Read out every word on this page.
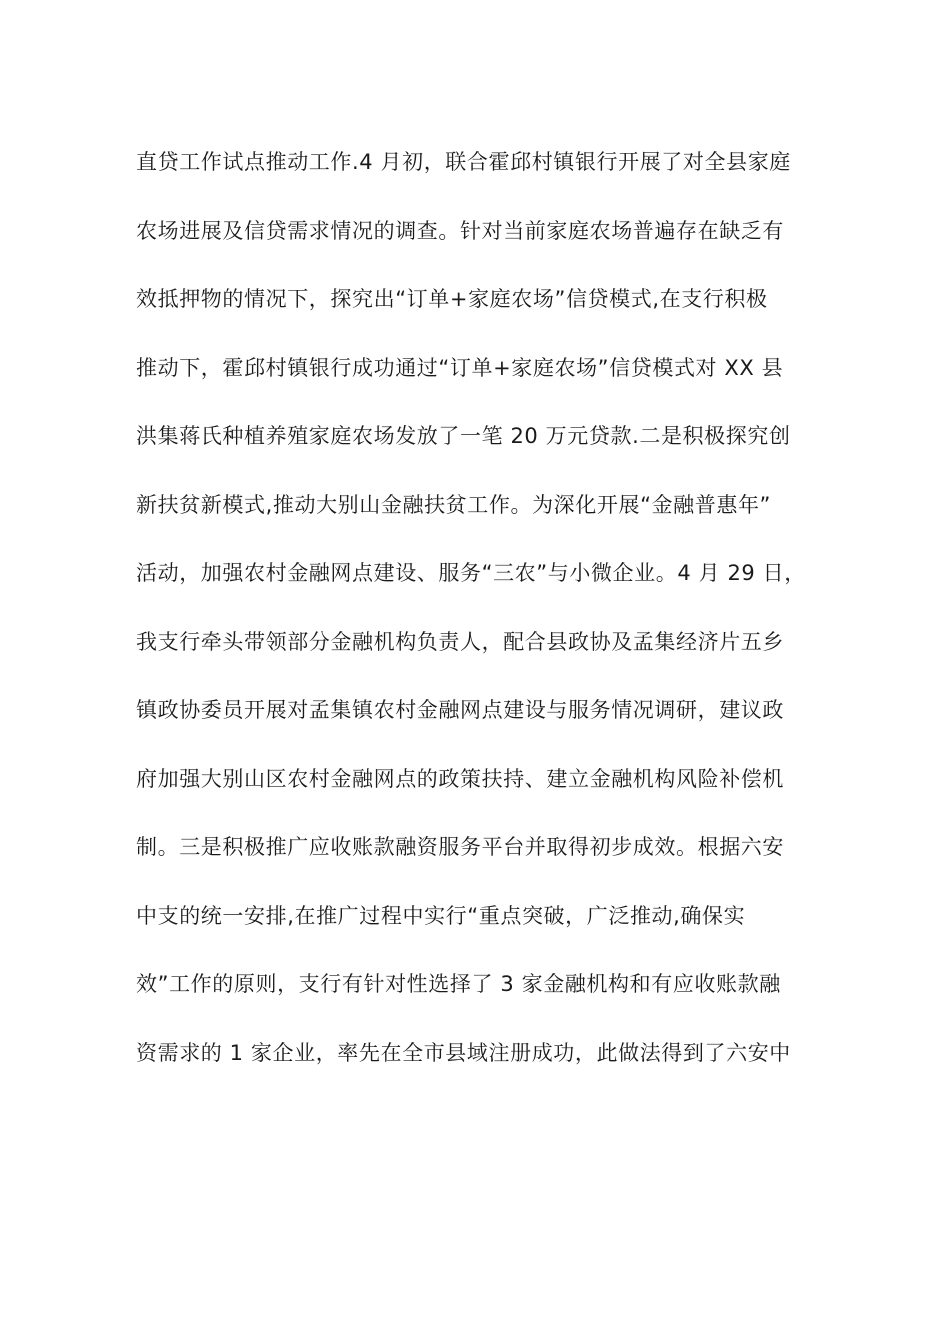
直贷工作试点推动工作.4 月初，联合霍邱村镇银行开展了对全县家庭
农场进展及信贷需求情况的调查。针对当前家庭农场普遍存在缺乏有
效抵押物的情况下，探究出“订单+家庭农场”信贷模式,在支行积极
推动下，霍邱村镇银行成功通过“订单+家庭农场”信贷模式对 XX 县
洪集蒋氏种植养殖家庭农场发放了一笔 20 万元贷款.二是积极探究创
新扶贫新模式,推动大别山金融扶贫工作。为深化开展“金融普惠年”
活动，加强农村金融网点建设、服务“三农”与小微企业。4 月 29 日，
我支行牵头带领部分金融机构负责人，配合县政协及孟集经济片五乡
镇政协委员开展对孟集镇农村金融网点建设与服务情况调研，建议政
府加强大别山区农村金融网点的政策扶持、建立金融机构风险补偿机
制。三是积极推广应收账款融资服务平台并取得初步成效。根据六安
中支的统一安排,在推广过程中实行“重点突破，广泛推动,确保实
效”工作的原则，支行有针对性选择了 3 家金融机构和有应收账款融
资需求的 1 家企业，率先在全市县域注册成功，此做法得到了六安中
